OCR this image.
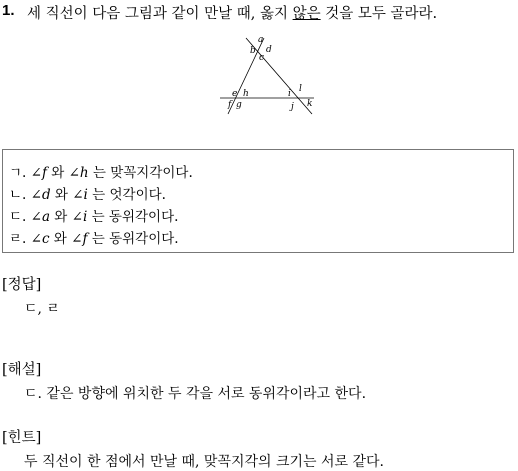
1. 세 직선이 다음 그림과 같이 만날 때, 옳지 않은 것을 모두 골라라.
a
b d
c
e h
f g
i l
k
j
ㄱ. ∠f 와 ∠h 는 맞꼭지각이다.
ㄴ. ∠d 와 ∠i 는 엇각이다.
ㄷ. ∠a 와 ∠i 는 동위각이다.
ㄹ. ∠c 와 ∠f 는 동위각이다.
[정답]
ㄷ, ㄹ
[해설]
ㄷ. 같은 방향에 위치한 두 각을 서로 동위각이라고 한다.
[힌트]
두 직선이 한 점에서 만날 때, 맞꼭지각의 크기는 서로 같다.
